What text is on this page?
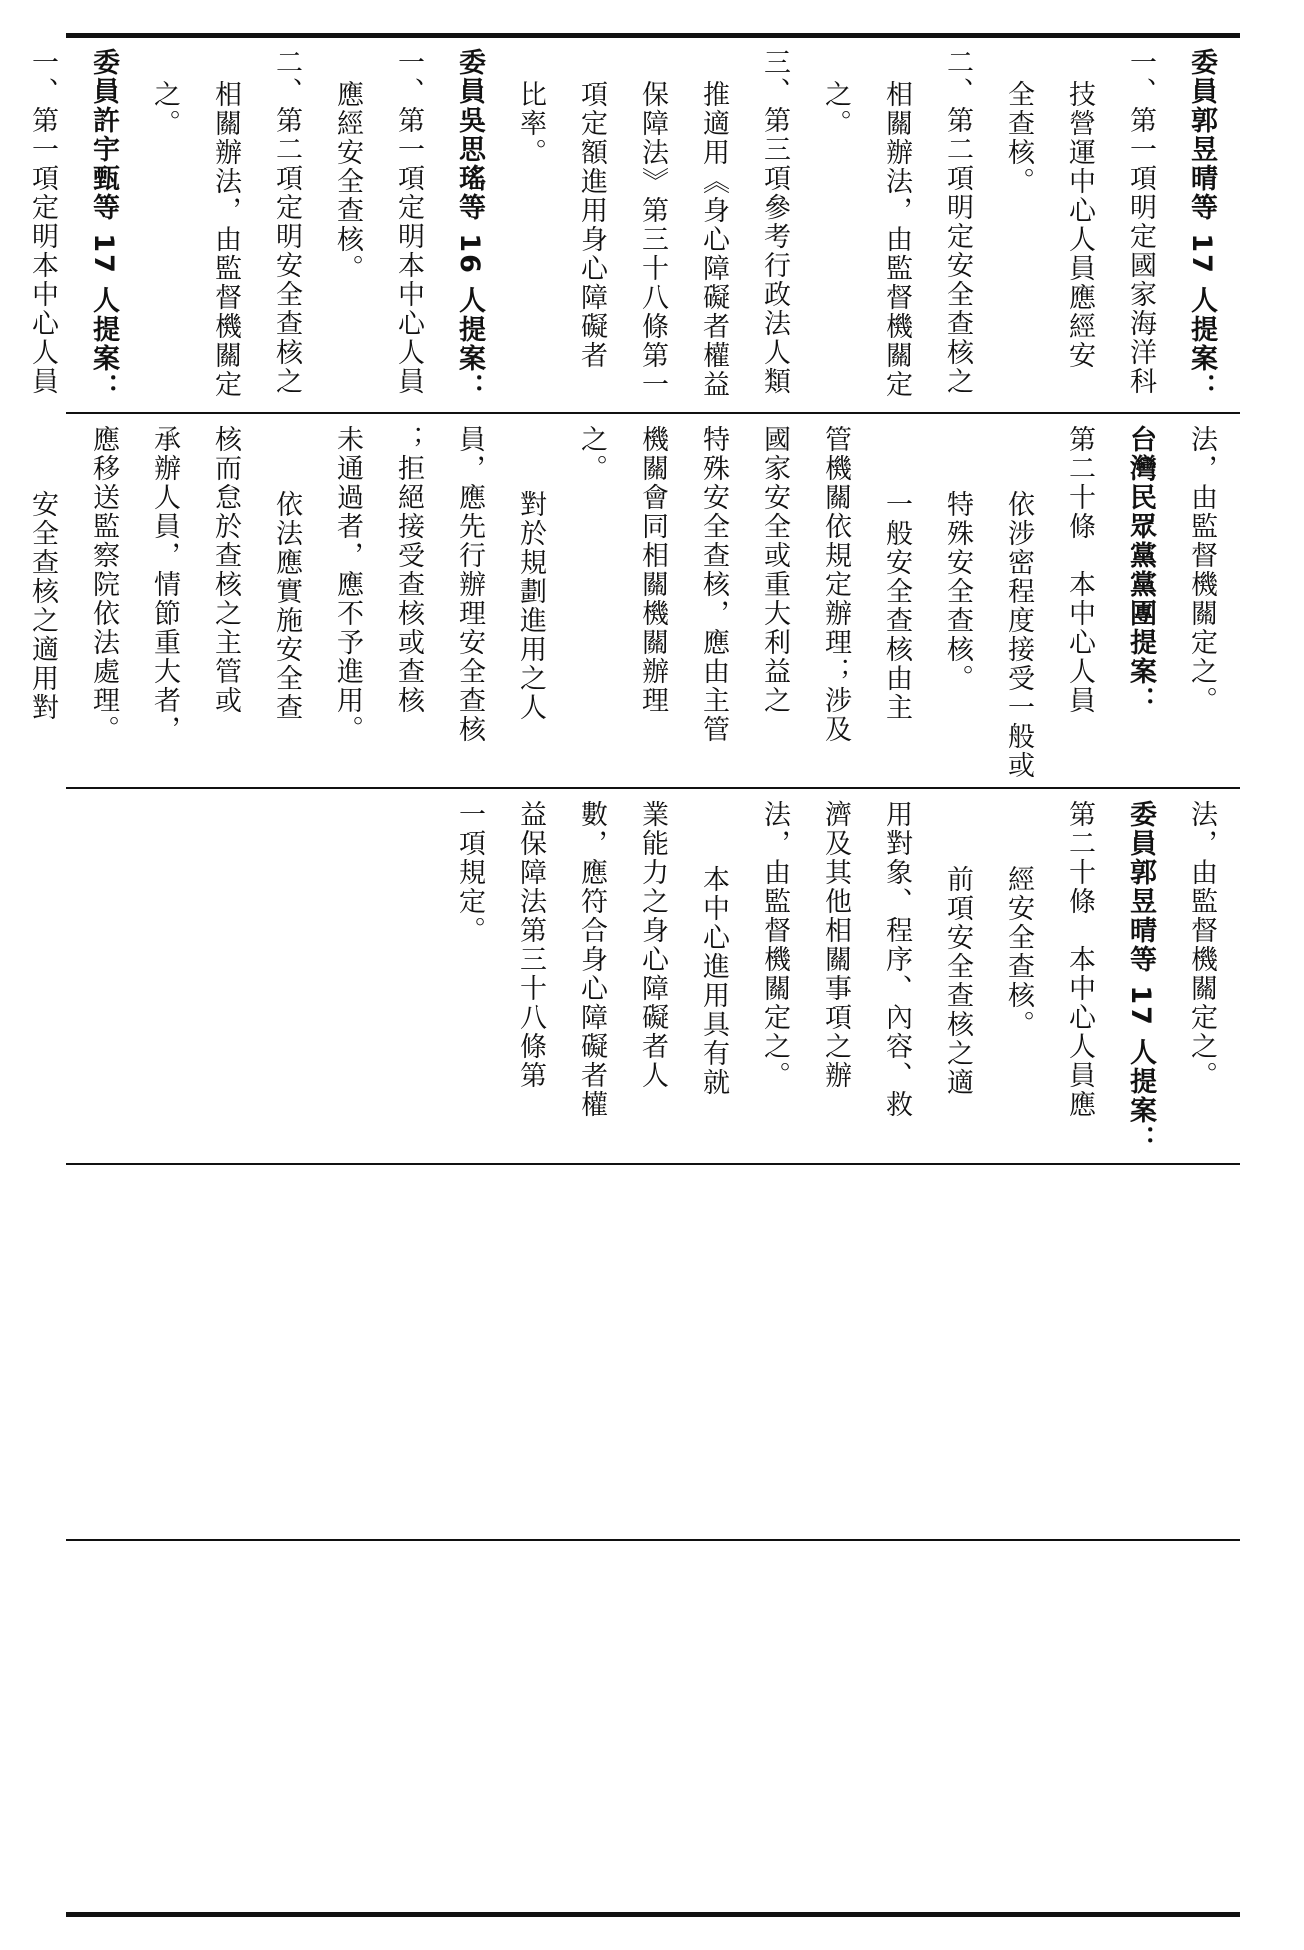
委員郭昱晴等 17 人提案：

一、第一項明定國家海洋科

技營運中心人員應經安

全查核。

二、第二項明定安全查核之

相關辦法，由監督機關定

之。

三、第三項參考行政法人類

推適用《身心障礙者權益

保障法》第三十八條第一

項定額進用身心障礙者

比率。

委員吳思瑤等 16 人提案：

一、第一項定明本中心人員

應經安全查核。

二、第二項定明安全查核之

相關辦法，由監督機關定

之。

委員許宇甄等 17 人提案：

一、第一項定明本中心人員

法，由監督機關定之。

台灣民眾黨黨團提案：

第二十條　本中心人員

依涉密程度接受一般或

特殊安全查核。

一般安全查核由主

管機關依規定辦理；涉及

國家安全或重大利益之

特殊安全查核，應由主管

機關會同相關機關辦理

之。

對於規劃進用之人

員，應先行辦理安全查核

；拒絕接受查核或查核

未通過者，應不予進用。

依法應實施安全查

核而怠於查核之主管或

承辦人員，情節重大者，

應移送監察院依法處理。

安全查核之適用對

法，由監督機關定之。

委員郭昱晴等 17 人提案：

第二十條　本中心人員應

經安全查核。

前項安全查核之適

用對象、程序、內容、救

濟及其他相關事項之辦

法，由監督機關定之。

本中心進用具有就

業能力之身心障礙者人

數，應符合身心障礙者權

益保障法第三十八條第

一項規定。
